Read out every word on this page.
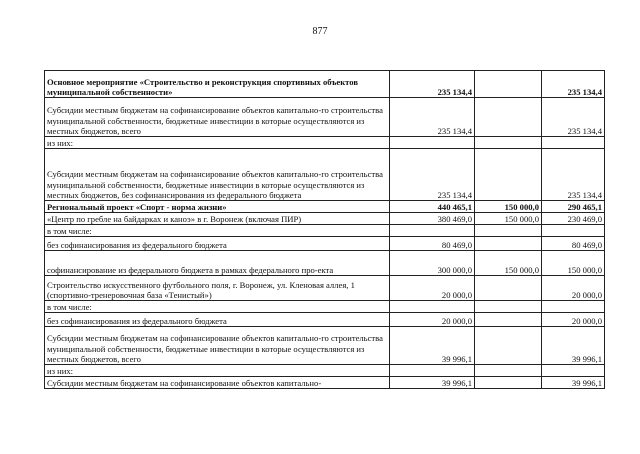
877
Основное мероприятие «Строительство и реконструкция спортивных объектов муниципальной собственности»	235 134,4		235 134,4
Субсидии местным бюджетам на софинансирование объектов капитально-го строительства муниципальной собственности, бюджетные инвестиции в которые осуществляются из местных бюджетов, всего	235 134,4		235 134,4
из них:			
Субсидии местным бюджетам на софинансирование объектов капитально-го строительства муниципальной собственности, бюджетные инвестиции в которые осуществляются из местных бюджетов, без софинансирования из федерального бюджета	235 134,4		235 134,4
Региональный проект «Спорт - норма жизни»	440 465,1	150 000,0	290 465,1
«Центр по гребле на байдарках и каноэ» в г. Воронеж (включая ПИР)	380 469,0	150 000,0	230 469,0
в том числе:			
без софинансирования из федерального бюджета	80 469,0		80 469,0
софинансирование из федерального бюджета в рамках федерального про-екта	300 000,0	150 000,0	150 000,0
Строительство искусственного футбольного поля, г. Воронеж, ул. Кленовая аллея, 1 (спортивно-тренеровочная база «Тенистый»)	20 000,0		20 000,0
в том числе:			
без софинансирования из федерального бюджета	20 000,0		20 000,0
Субсидии местным бюджетам на софинансирование объектов капитально-го строительства муниципальной собственности, бюджетные инвестиции в которые осуществляются из местных бюджетов, всего	39 996,1		39 996,1
из них:			
Субсидии местным бюджетам на софинансирование объектов капитально-	39 996,1		39 996,1
